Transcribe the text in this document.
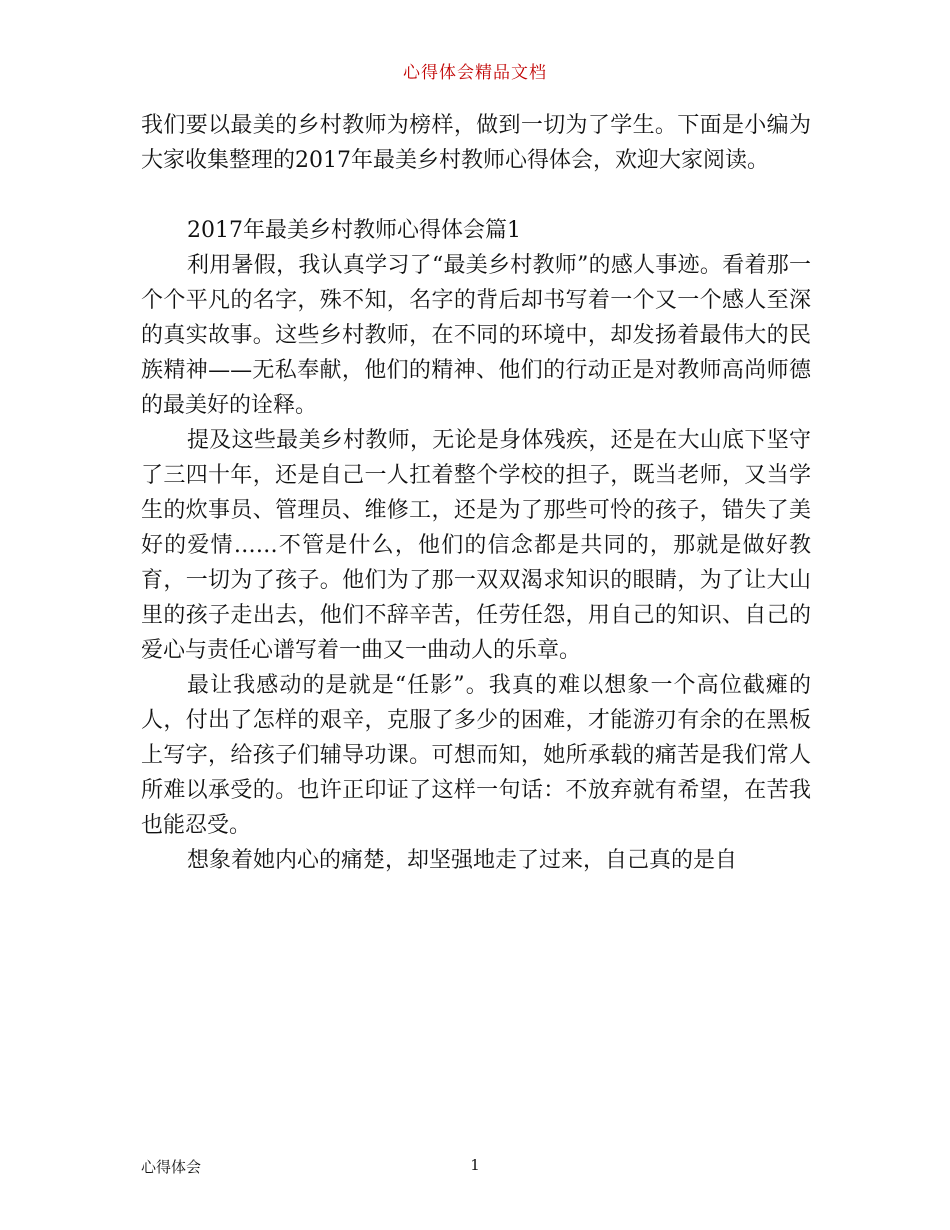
心得体会精品文档

我们要以最美的乡村教师为榜样，做到一切为了学生。下面是小编为大家收集整理的2017年最美乡村教师心得体会，欢迎大家阅读。

2017年最美乡村教师心得体会篇1

利用暑假，我认真学习了“最美乡村教师”的感人事迹。看着那一个个平凡的名字，殊不知，名字的背后却书写着一个又一个感人至深的真实故事。这些乡村教师，在不同的环境中，却发扬着最伟大的民族精神——无私奉献，他们的精神、他们的行动正是对教师高尚师德的最美好的诠释。

提及这些最美乡村教师，无论是身体残疾，还是在大山底下坚守了三四十年，还是自己一人扛着整个学校的担子，既当老师，又当学生的炊事员、管理员、维修工，还是为了那些可怜的孩子，错失了美好的爱情……不管是什么，他们的信念都是共同的，那就是做好教育，一切为了孩子。他们为了那一双双渴求知识的眼睛，为了让大山里的孩子走出去，他们不辞辛苦，任劳任怨，用自己的知识、自己的爱心与责任心谱写着一曲又一曲动人的乐章。

最让我感动的是就是“任影”。我真的难以想象一个高位截瘫的人，付出了怎样的艰辛，克服了多少的困难，才能游刃有余的在黑板上写字，给孩子们辅导功课。可想而知，她所承载的痛苦是我们常人所难以承受的。也许正印证了这样一句话：不放弃就有希望，在苦我也能忍受。

想象着她内心的痛楚，却坚强地走了过来，自己真的是自

心得体会	1
